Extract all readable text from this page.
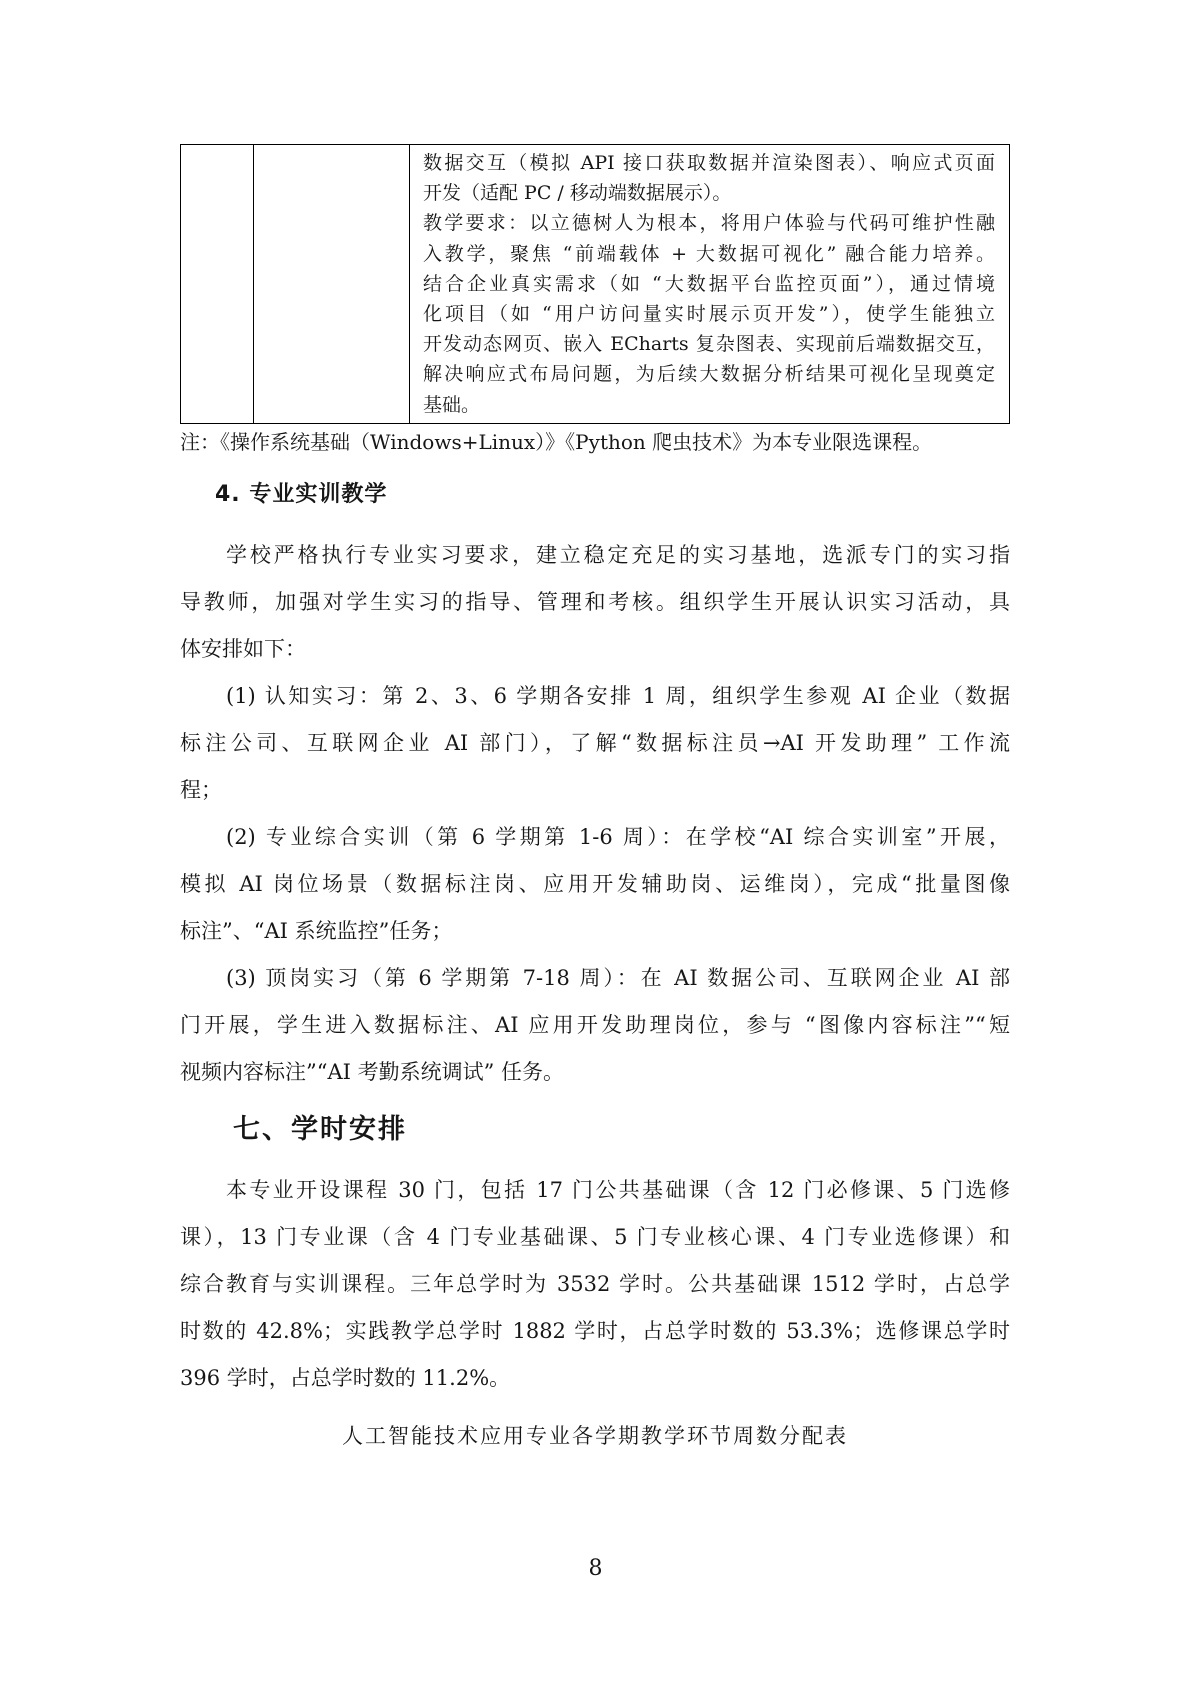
数据交互（模拟 API 接口获取数据并渲染图表）、响应式页面
开发（适配 PC / 移动端数据展示）。
教学要求：以立德树人为根本，将用户体验与代码可维护性融
入教学，聚焦 “前端载体 + 大数据可视化” 融合能力培养。
结合企业真实需求（如 “大数据平台监控页面”），通过情境
化项目（如 “用户访问量实时展示页开发”），使学生能独立
开发动态网页、嵌入 ECharts 复杂图表、实现前后端数据交互，
解决响应式布局问题，为后续大数据分析结果可视化呈现奠定
基础。
注：《操作系统基础（Windows+Linux）》《Python 爬虫技术》为本专业限选课程。
4. 专业实训教学
学校严格执行专业实习要求，建立稳定充足的实习基地，选派专门的实习指
导教师，加强对学生实习的指导、管理和考核。组织学生开展认识实习活动，具
体安排如下：
(1) 认知实习：第 2、3、6 学期各安排 1 周，组织学生参观 AI 企业（数据
标注公司、互联网企业 AI 部门），了解“数据标注员→AI 开发助理” 工作流
程；
(2) 专业综合实训（第 6 学期第 1-6 周）：在学校“AI 综合实训室”开展，
模拟 AI 岗位场景（数据标注岗、应用开发辅助岗、运维岗），完成“批量图像
标注”、“AI 系统监控”任务；
(3) 顶岗实习（第 6 学期第 7-18 周）：在 AI 数据公司、互联网企业 AI 部
门开展，学生进入数据标注、AI 应用开发助理岗位，参与 “图像内容标注”“短
视频内容标注”“AI 考勤系统调试” 任务。
七、学时安排
本专业开设课程 30 门，包括 17 门公共基础课（含 12 门必修课、5 门选修
课），13 门专业课（含 4 门专业基础课、5 门专业核心课、4 门专业选修课）和
综合教育与实训课程。三年总学时为 3532 学时。公共基础课 1512 学时，占总学
时数的 42.8%；实践教学总学时 1882 学时，占总学时数的 53.3%；选修课总学时
396 学时，占总学时数的 11.2%。
人工智能技术应用专业各学期教学环节周数分配表
8
